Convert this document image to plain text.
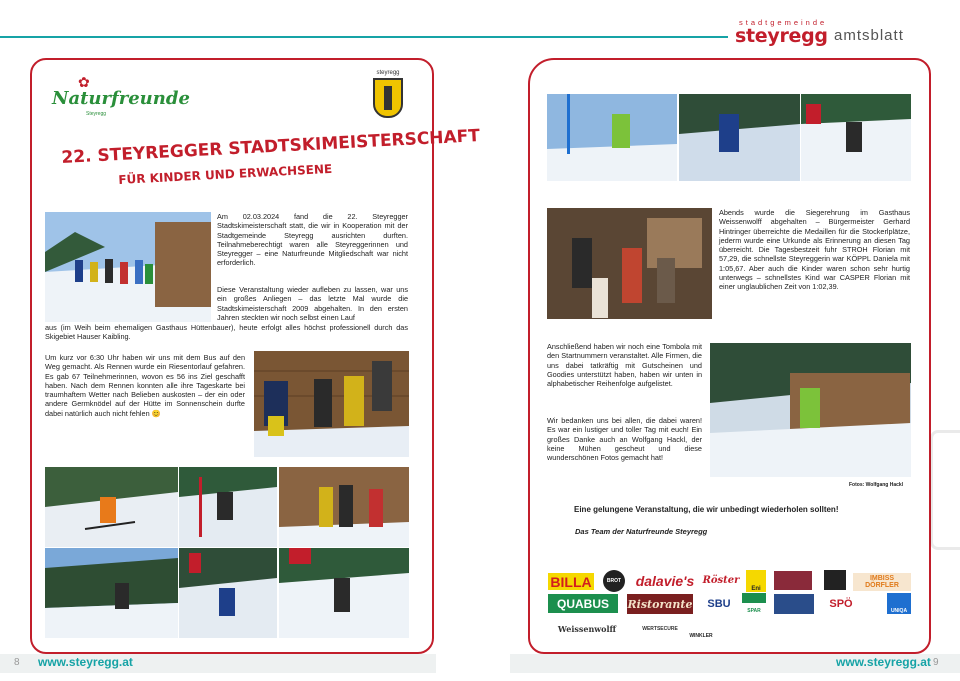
stadtgemeinde
steyregg amtsblatt
✿
Naturfreunde
Steyregg
steyregg
22. STEYREGGER STADTSKIMEISTERSCHAFT
FÜR KINDER UND ERWACHSENE
Am 02.03.2024 fand die 22. Steyregger Stadtskimeisterschaft statt, die wir in Kooperation mit der Stadtgemeinde Steyregg ausrichten durften. Teilnahmeberechtigt waren alle Steyreggerinnen und Steyregger – eine Naturfreunde Mitgliedschaft war nicht erforderlich.
Diese Veranstaltung wieder aufleben zu lassen, war uns ein großes Anliegen – das letzte Mal wurde die Stadtskimeisterschaft 2009 abgehalten. In den ersten Jahren steckten wir noch selbst einen Lauf
aus (im Weih beim ehemaligen Gasthaus Hüttenbauer), heute erfolgt alles höchst professionell durch das Skigebiet Hauser Kaibling.
Um kurz vor 6:30 Uhr haben wir uns mit dem Bus auf den Weg gemacht. Als Rennen wurde ein Riesentorlauf gefahren. Es gab 67 Teilnehmerinnen, wovon es 56 ins Ziel geschafft haben. Nach dem Rennen konnten alle ihre Tageskarte bei traumhaftem Wetter nach Belieben auskosten – der ein oder andere Germknödel auf der Hütte im Sonnenschein durfte dabei natürlich auch nicht fehlen 😊
Abends wurde die Siegerehrung im Gasthaus Weissenwolff abgehalten – Bürgermeister Gerhard Hintringer überreichte die Medaillen für die Stockerlplätze, jederm wurde eine Urkunde als Erinnerung an diesen Tag überreicht. Die Tagesbestzeit fuhr STROH Florian mit 57,29, die schnellste Steyreggerin war KÖPPL Daniela mit 1:05,67. Aber auch die Kinder waren schon sehr hurtig unterwegs – schnellstes Kind war CASPER Florian mit einer unglaublichen Zeit von 1:02,39.
Anschließend haben wir noch eine Tombola mit den Startnummern veranstaltet. Alle Firmen, die uns dabei tatkräftig mit Gutscheinen und Goodies unterstützt haben, haben wir unten in alphabetischer Reihenfolge aufgelistet.
Wir bedanken uns bei allen, die dabei waren! Es war ein lustiger und toller Tag mit euch! Ein großes Danke auch an Wolfgang Hackl, der keine Mühen gescheut und diese wunderschönen Fotos gemacht hat!
Fotos: Wolfgang Hackl
Eine gelungene Veranstaltung, die wir unbedingt wiederholen sollten!
Das Team der Naturfreunde Steyregg
BILLA	BROT dalavie's Röster
Eni
IMBISS DÖRFLER
QUABUS	Ristorante SBU
SPAR
SPÖ
UNIQA
Weissenwolff	WERTSECURE
WINKLER
8 www.steyregg.at	www.steyregg.at 9
